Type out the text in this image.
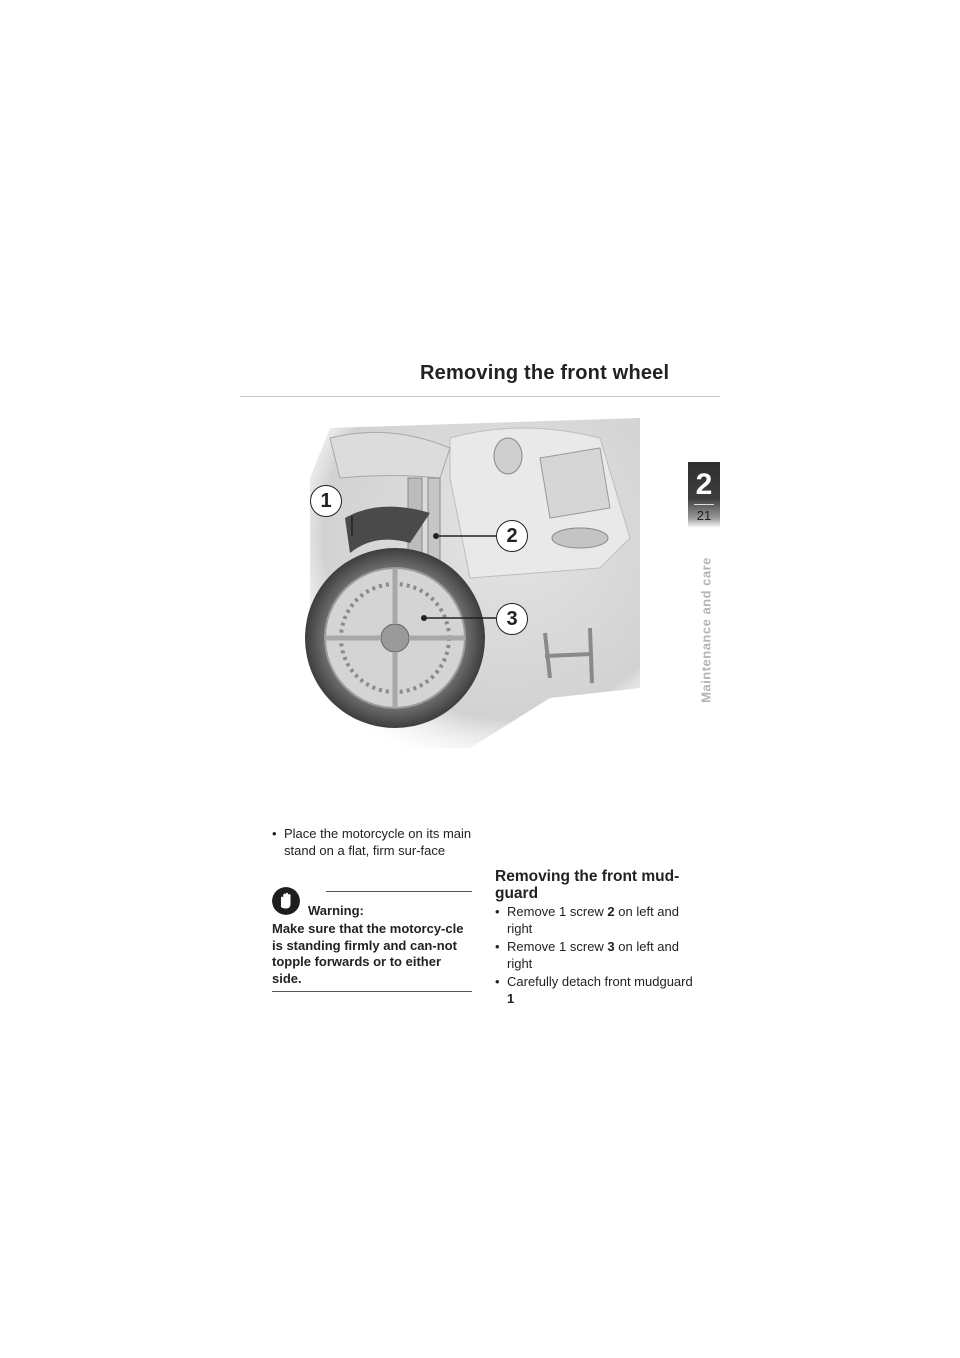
Removing the front wheel
2
21
Maintenance and care
1
2
3
• Place the motorcycle on its main stand on a flat, firm sur-face
Warning:
Make sure that the motorcy-cle is standing firmly and can-not topple forwards or to either side.
Removing the front mud-guard
• Remove 1 screw 2 on left and right
• Remove 1 screw 3 on left and right
• Carefully detach front mudguard 1
